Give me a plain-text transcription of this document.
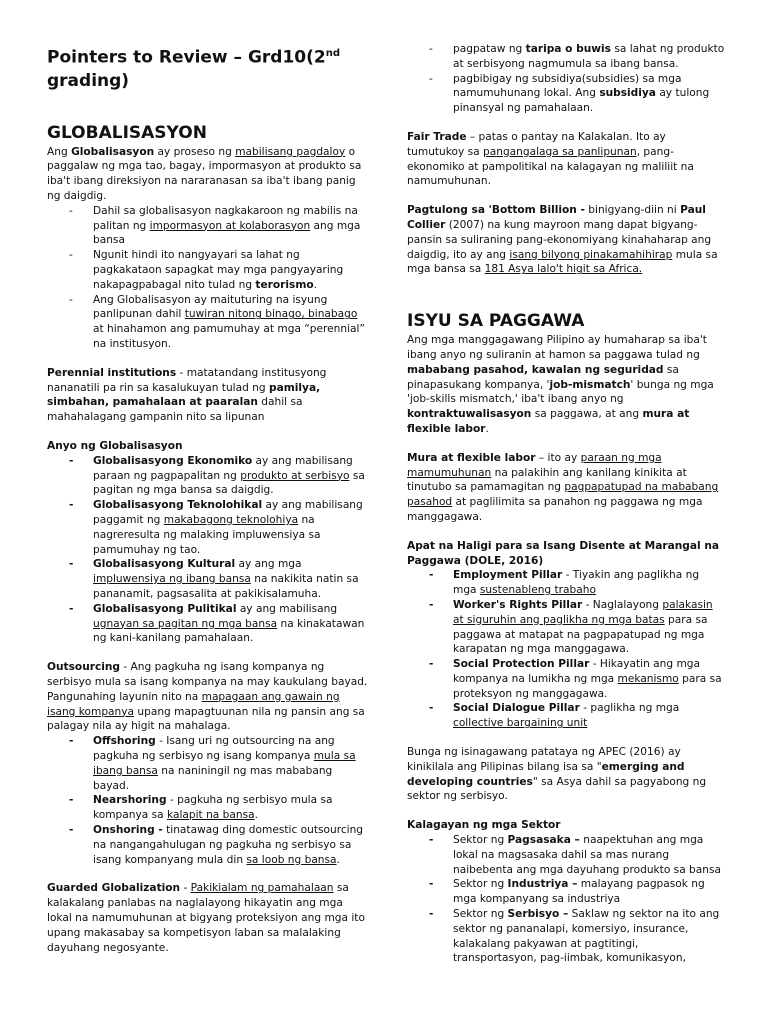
Pointers to Review – Grd10(2nd
grading)
GLOBALISASYON

Ang Globalisasyon ay proseso ng mabilisang pagdaloy o paggalaw ng mga tao, bagay, impormasyon at produkto sa iba't ibang direksiyon na nararanasan sa iba't ibang panig ng daigdig.

- Dahil sa globalisasyon nagkakaroon ng mabilis na palitan ng impormasyon at kolaborasyon ang mga bansa
- Ngunit hindi ito nangyayari sa lahat ng pagkakataon sapagkat may mga pangyayaring nakapagpabagal nito tulad ng terorismo.
- Ang Globalisasyon ay maituturing na isyung panlipunan dahil tuwiran nitong binago, binabago at hinahamon ang pamumuhay at mga “perennial” na institusyon.

Perennial institutions - matatandang institusyong nananatili pa rin sa kasalukuyan tulad ng pamilya, simbahan, pamahalaan at paaralan dahil sa mahahalagang gampanin nito sa lipunan

Anyo ng Globalisasyon

- Globalisasyong Ekonomiko ay ang mabilisang paraan ng pagpapalitan ng produkto at serbisyo sa pagitan ng mga bansa sa daigdig.
- Globalisasyong Teknolohikal ay ang mabilisang paggamit ng makabagong teknolohiya na nagreresulta ng malaking impluwensiya sa pamumuhay ng tao.
- Globalisasyong Kultural ay ang mga impluwensiya ng ibang bansa na nakikita natin sa pananamit, pagsasalita at pakikisalamuha.
- Globalisasyong Pulitikal ay ang mabilisang ugnayan sa pagitan ng mga bansa na kinakatawan ng kani-kanilang pamahalaan.

Outsourcing - Ang pagkuha ng isang kompanya ng serbisyo mula sa isang kompanya na may kaukulang bayad. Pangunahing layunin nito na mapagaan ang gawain ng isang kompanya upang mapagtuunan nila ng pansin ang sa palagay nila ay higit na mahalaga.

- Offshoring - Isang uri ng outsourcing na ang pagkuha ng serbisyo ng isang kompanya mula sa ibang bansa na naniningil ng mas mababang bayad.
- Nearshoring - pagkuha ng serbisyo mula sa kompanya sa kalapit na bansa.
- Onshoring - tinatawag ding domestic outsourcing na nangangahulugan ng pagkuha ng serbisyo sa isang kompanyang mula din sa loob ng bansa.

Guarded Globalization - Pakikialam ng pamahalaan sa kalakalang panlabas na naglalayong hikayatin ang mga lokal na namumuhunan at bigyang proteksiyon ang mga ito upang makasabay sa kompetisyon laban sa malalaking dayuhang negosyante.

- pagpataw ng taripa o buwis sa lahat ng produkto at serbisyong nagmumula sa ibang bansa.
- pagbibigay ng subsidiya(subsidies) sa mga namumuhunang lokal. Ang subsidiya ay tulong pinansyal ng pamahalaan.

Fair Trade – patas o pantay na Kalakalan. Ito ay tumutukoy sa pangangalaga sa panlipunan, pang-ekonomiko at pampolitikal na kalagayan ng maliliit na namumuhunan.

Pagtulong sa 'Bottom Billion - binigyang-diin ni Paul Collier (2007) na kung mayroon mang dapat bigyang-pansin sa suliraning pang-ekonomiyang kinahaharap ang daigdig, ito ay ang isang bilyong pinakamahihirap mula sa mga bansa sa 181 Asya lalo't higit sa Africa.

ISYU SA PAGGAWA

Ang mga manggagawang Pilipino ay humaharap sa iba't ibang anyo ng suliranin at hamon sa paggawa tulad ng mababang pasahod, kawalan ng seguridad sa pinapasukang kompanya, 'job-mismatch' bunga ng mga 'job-skills mismatch,' iba't ibang anyo ng kontraktuwalisasyon sa paggawa, at ang mura at flexible labor.

Mura at flexible labor – ito ay paraan ng mga mamumuhunan na palakihin ang kanilang kinikita at tinutubo sa pamamagitan ng pagpapatupad na mababang pasahod at paglilimita sa panahon ng paggawa ng mga manggagawa.

Apat na Haligi para sa Isang Disente at Marangal na Paggawa (DOLE, 2016)

- Employment Pillar - Tiyakin ang paglikha ng mga sustenableng trabaho
- Worker's Rights Pillar - Naglalayong palakasin at siguruhin ang paglikha ng mga batas para sa paggawa at matapat na pagpapatupad ng mga karapatan ng mga manggagawa.
- Social Protection Pillar - Hikayatin ang mga kompanya na lumikha ng mga mekanismo para sa proteksyon ng manggagawa.
- Social Dialogue Pillar - paglikha ng mga collective bargaining unit

Bunga ng isinagawang patataya ng APEC (2016) ay kinikilala ang Pilipinas bilang isa sa "emerging and developing countries" sa Asya dahil sa pagyabong ng sektor ng serbisyo.

Kalagayan ng mga Sektor

- Sektor ng Pagsasaka – naapektuhan ang mga lokal na magsasaka dahil sa mas nurang naibebenta ang mga dayuhang produkto sa bansa
- Sektor ng Industriya – malayang pagpasok ng mga kompanyang sa industriya
- Sektor ng Serbisyo – Saklaw ng sektor na ito ang sektor ng pananalapi, komersiyo, insurance, kalakalang pakyawan at pagtitingi, transportasyon, pag-iimbak, komunikasyon,
